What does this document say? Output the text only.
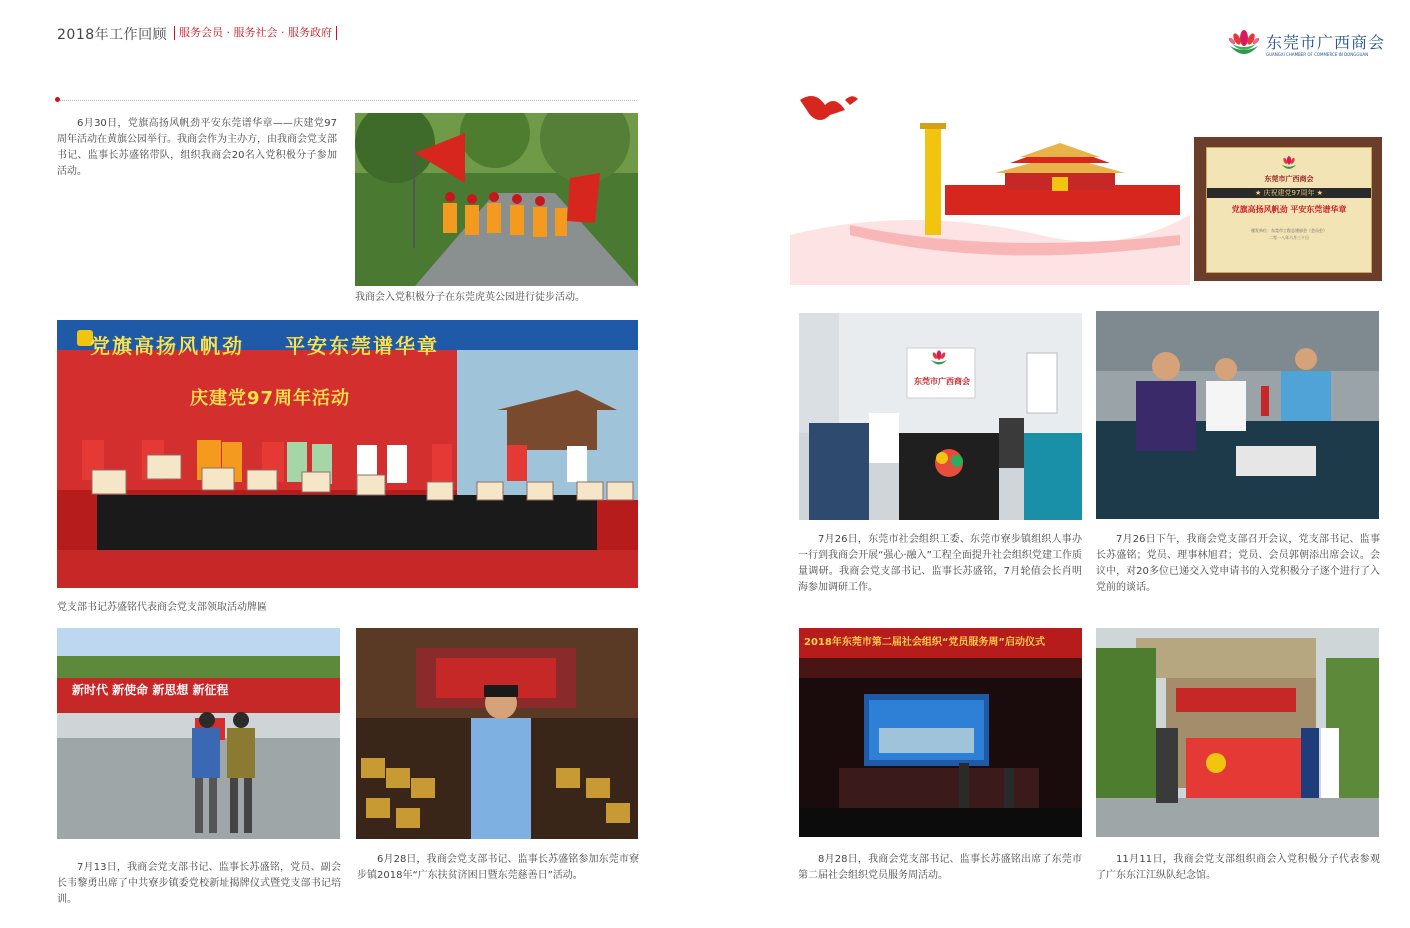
2018年工作回顾	服务会员 · 服务社会 · 服务政府
东莞市广西商会
GUANGXI CHAMBER OF COMMERCE IN DONGGUAN
6月30日，党旗高扬风帆劲平安东莞谱华章——庆建党97 周年活动在黄旗公园举行。我商会作为主办方，由我商会党支部书记、监事长苏盛铭带队，组织我商会20名入党积极分子参加活动。
我商会入党积极分子在东莞虎英公园进行徒步活动。
党旗高扬风帆劲 平安东莞谱华章
庆建党97周年活动
党支部书记苏盛铭代表商会党支部领取活动牌匾
新时代 新使命 新思想 新征程
7月13日，我商会党支部书记、监事长苏盛铭，党员、副会长韦黎勇出席了中共寮步镇委党校新址揭牌仪式暨党支部书记培训。
6月28日，我商会党支部书记、监事长苏盛铭参加东莞市寮步镇2018年“广东扶贫济困日暨东莞慈善日”活动。
东莞市广西商会
★ 庆祝建党97周年 ★
党旗高扬风帆劲 平安东莞谱华章
颁发单位：东莞市工程总建部会（会员会）
二零一八年六月三十日
东莞市广西商会
7月26日，东莞市社会组织工委、东莞市寮步镇组织人事办一行到我商会开展“强心·融入”工程全面提升社会组织党建工作质量调研。我商会党支部书记、监事长苏盛铭，7月轮值会长肖明海参加调研工作。
7月26日下午，我商会党支部召开会议，党支部书记、监事长苏盛铭；党员、理事林旭君；党员、会员郭朝添出席会议。会议中，对20多位已递交入党申请书的入党积极分子逐个进行了入党前的谈话。
2018年东莞市第二届社会组织“党员服务周”启动仪式
8月28日，我商会党支部书记、监事长苏盛铭出席了东莞市第二届社会组织党员服务周活动。
11月11日，我商会党支部组织商会入党积极分子代表参观了广东东江江纵队纪念馆。
